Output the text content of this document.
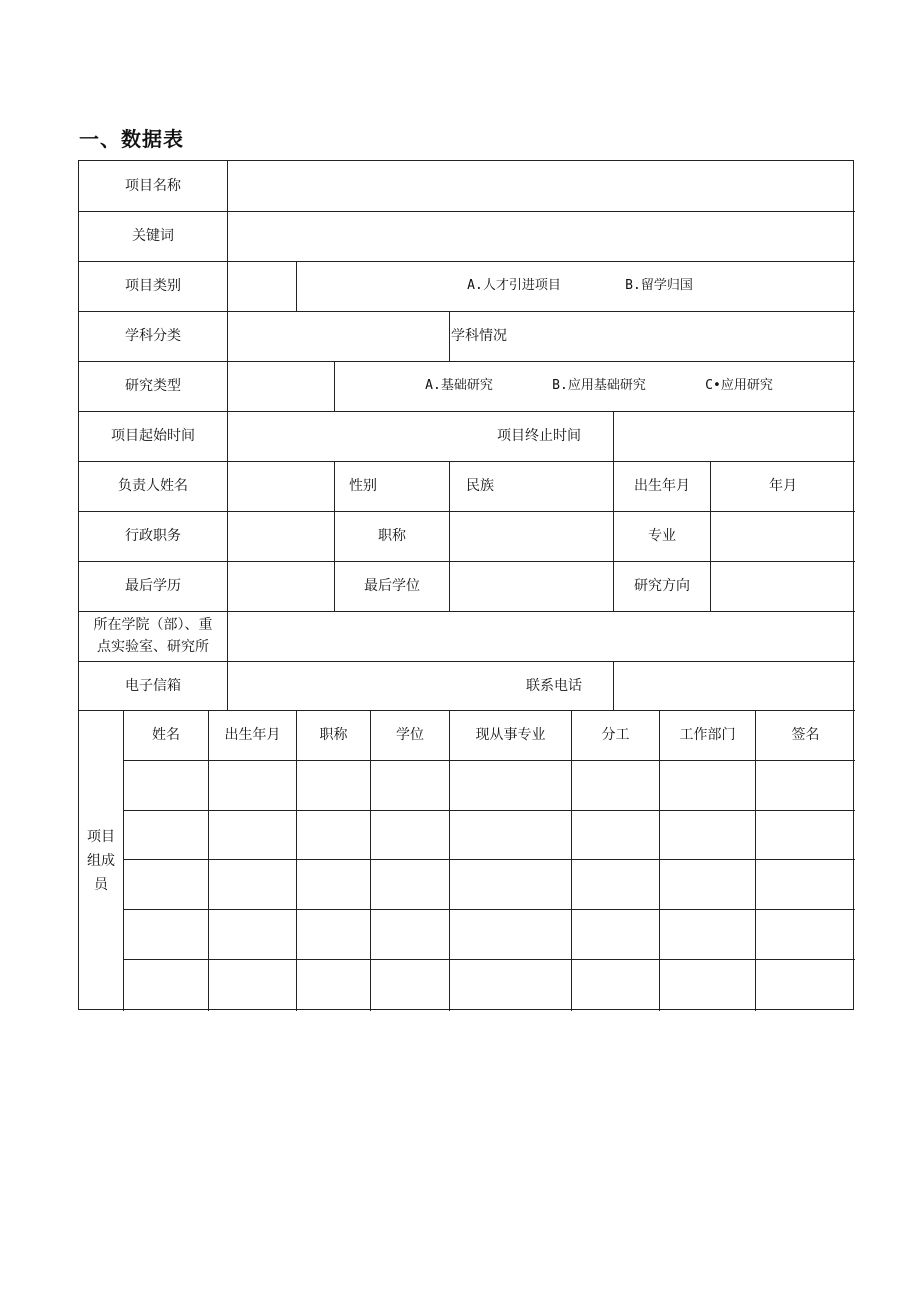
一、数据表
项目名称
关键词
项目类别	A.人才引进项目	B.留学归国
学科分类	学科情况
研究类型	A.基础研究	B.应用基础研究	C•应用研究
项目起始时间	项目终止时间
负责人姓名	性别	民族	出生年月	年月
行政职务	职称	专业
最后学历	最后学位	研究方向
所在学院（部）、重
点实验室、研究所
电子信箱	联系电话
项目
组成
员
姓名	出生年月	职称	学位	现从事专业	分工	工作部门	签名
